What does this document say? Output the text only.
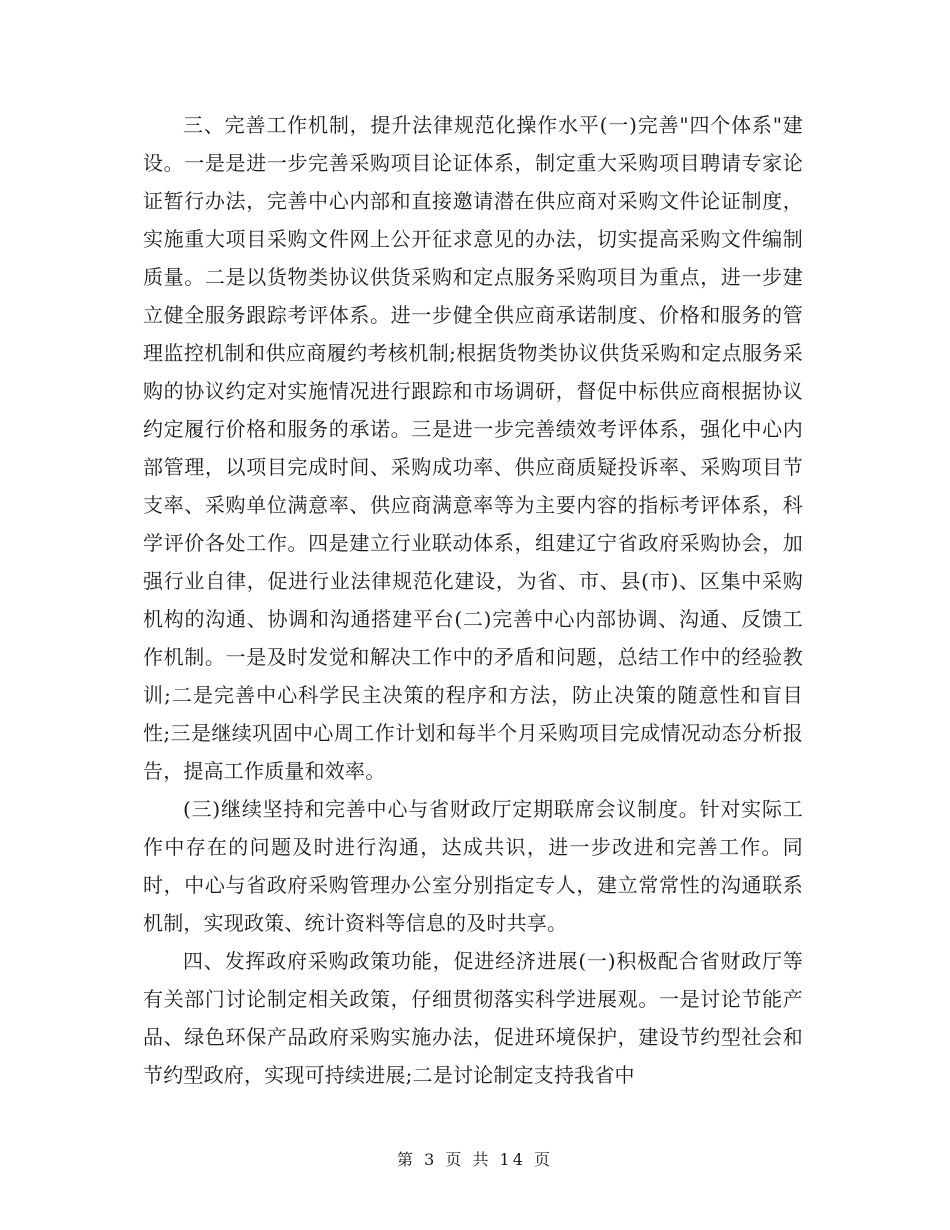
三、完善工作机制，提升法律规范化操作水平(一)完善"四个体系"建设。一是是进一步完善采购项目论证体系，制定重大采购项目聘请专家论证暂行办法，完善中心内部和直接邀请潜在供应商对采购文件论证制度，实施重大项目采购文件网上公开征求意见的办法，切实提高采购文件编制质量。二是以货物类协议供货采购和定点服务采购项目为重点，进一步建立健全服务跟踪考评体系。进一步健全供应商承诺制度、价格和服务的管理监控机制和供应商履约考核机制;根据货物类协议供货采购和定点服务采购的协议约定对实施情况进行跟踪和市场调研，督促中标供应商根据协议约定履行价格和服务的承诺。三是进一步完善绩效考评体系，强化中心内部管理，以项目完成时间、采购成功率、供应商质疑投诉率、采购项目节支率、采购单位满意率、供应商满意率等为主要内容的指标考评体系，科学评价各处工作。四是建立行业联动体系，组建辽宁省政府采购协会，加强行业自律，促进行业法律规范化建设，为省、市、县(市)、区集中采购机构的沟通、协调和沟通搭建平台(二)完善中心内部协调、沟通、反馈工作机制。一是及时发觉和解决工作中的矛盾和问题，总结工作中的经验教训;二是完善中心科学民主决策的程序和方法，防止决策的随意性和盲目性;三是继续巩固中心周工作计划和每半个月采购项目完成情况动态分析报告，提高工作质量和效率。

(三)继续坚持和完善中心与省财政厅定期联席会议制度。针对实际工作中存在的问题及时进行沟通，达成共识，进一步改进和完善工作。同时，中心与省政府采购管理办公室分别指定专人，建立常常性的沟通联系机制，实现政策、统计资料等信息的及时共享。

四、发挥政府采购政策功能，促进经济进展(一)积极配合省财政厅等有关部门讨论制定相关政策，仔细贯彻落实科学进展观。一是讨论节能产品、绿色环保产品政府采购实施办法，促进环境保护，建设节约型社会和节约型政府，实现可持续进展;二是讨论制定支持我省中

第 3 页 共 14 页
